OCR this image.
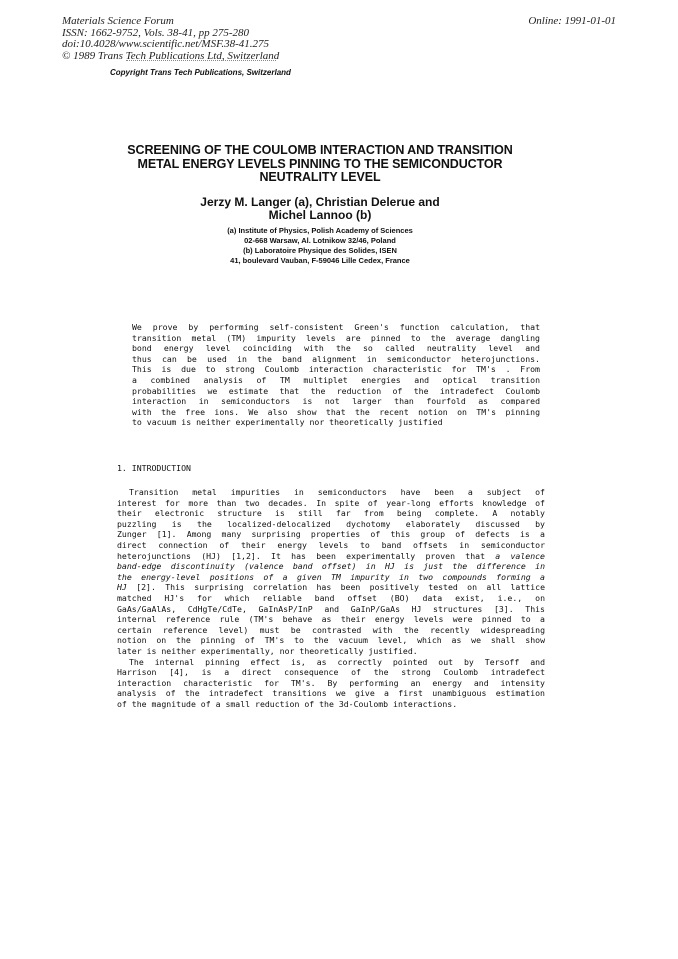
Materials Science Forum
ISSN: 1662-9752, Vols. 38-41, pp 275-280
doi:10.4028/www.scientific.net/MSF.38-41.275
© 1989 Trans Tech Publications Ltd, Switzerland
Online: 1991-01-01
Copyright Trans Tech Publications, Switzerland
SCREENING OF THE COULOMB INTERACTION AND TRANSITION
METAL ENERGY LEVELS PINNING TO THE SEMICONDUCTOR
NEUTRALITY LEVEL
Jerzy M. Langer (a), Christian Delerue and
Michel Lannoo (b)
(a) Institute of Physics, Polish Academy of Sciences
02-668 Warsaw, Al. Lotnikow 32/46, Poland
(b) Laboratoire Physique des Solides, ISEN
41, boulevard Vauban, F-59046 Lille Cedex, France
We prove by performing self-consistent Green's function calculation, that
transition metal (TM) impurity levels are pinned to the average dangling
bond energy level coinciding with the so called neutrality level and
thus can be used in the band alignment in semiconductor heterojunctions.
This is due to strong Coulomb interaction characteristic for TM's . From
a combined analysis of TM multiplet energies and optical transition
probabilities we estimate that the reduction of the intradefect Coulomb
interaction in semiconductors is not larger than fourfold as compared
with the free ions. We also show that the recent notion on TM's pinning
to vacuum is neither experimentally nor theoretically justified
1. INTRODUCTION
Transition metal impurities in semiconductors have been a subject of
interest for more than two decades. In spite of year-long efforts knowledge of
their electronic structure is still far from being complete. A notably
puzzling is the localized-delocalized dychotomy elaborately discussed by
Zunger [1]. Among many surprising properties of this group of defects is a
direct connection of their energy levels to band offsets in semiconductor
heterojunctions (HJ) [1,2]. It has been experimentally proven that a valence
band-edge discontinuity (valence band offset) in HJ is just the difference in
the energy-level positions of a given TM impurity in two compounds forming a
HJ [2]. This surprising correlation has been positively tested on all lattice
matched HJ's for which reliable band offset (BO) data exist, i.e., on
GaAs/GaAlAs, CdHgTe/CdTe, GaInAsP/InP and GaInP/GaAs HJ structures [3]. This
internal reference rule (TM's behave as their energy levels were pinned to a
certain reference level) must be contrasted with the recently widespreading
notion on the pinning of TM's to the vacuum level, which as we shall show
later is neither experimentally, nor theoretically justified.
The internal pinning effect is, as correctly pointed out by Tersoff and
Harrison [4], is a direct consequence of the strong Coulomb intradefect
interaction characteristic for TM's. By performing an energy and intensity
analysis of the intradefect transitions we give a first unambiguous estimation
of the magnitude of a small reduction of the 3d-Coulomb interactions.
